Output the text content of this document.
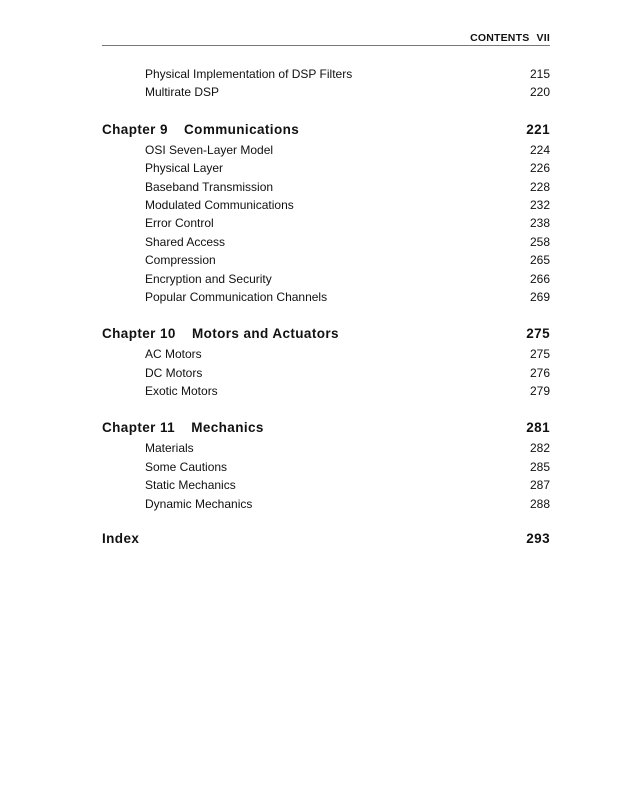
CONTENTS VII
Physical Implementation of DSP Filters	215
Multirate DSP	220
Chapter 9 Communications	221
OSI Seven-Layer Model	224
Physical Layer	226
Baseband Transmission	228
Modulated Communications	232
Error Control	238
Shared Access	258
Compression	265
Encryption and Security	266
Popular Communication Channels	269
Chapter 10 Motors and Actuators	275
AC Motors	275
DC Motors	276
Exotic Motors	279
Chapter 11 Mechanics	281
Materials	282
Some Cautions	285
Static Mechanics	287
Dynamic Mechanics	288
Index	293
